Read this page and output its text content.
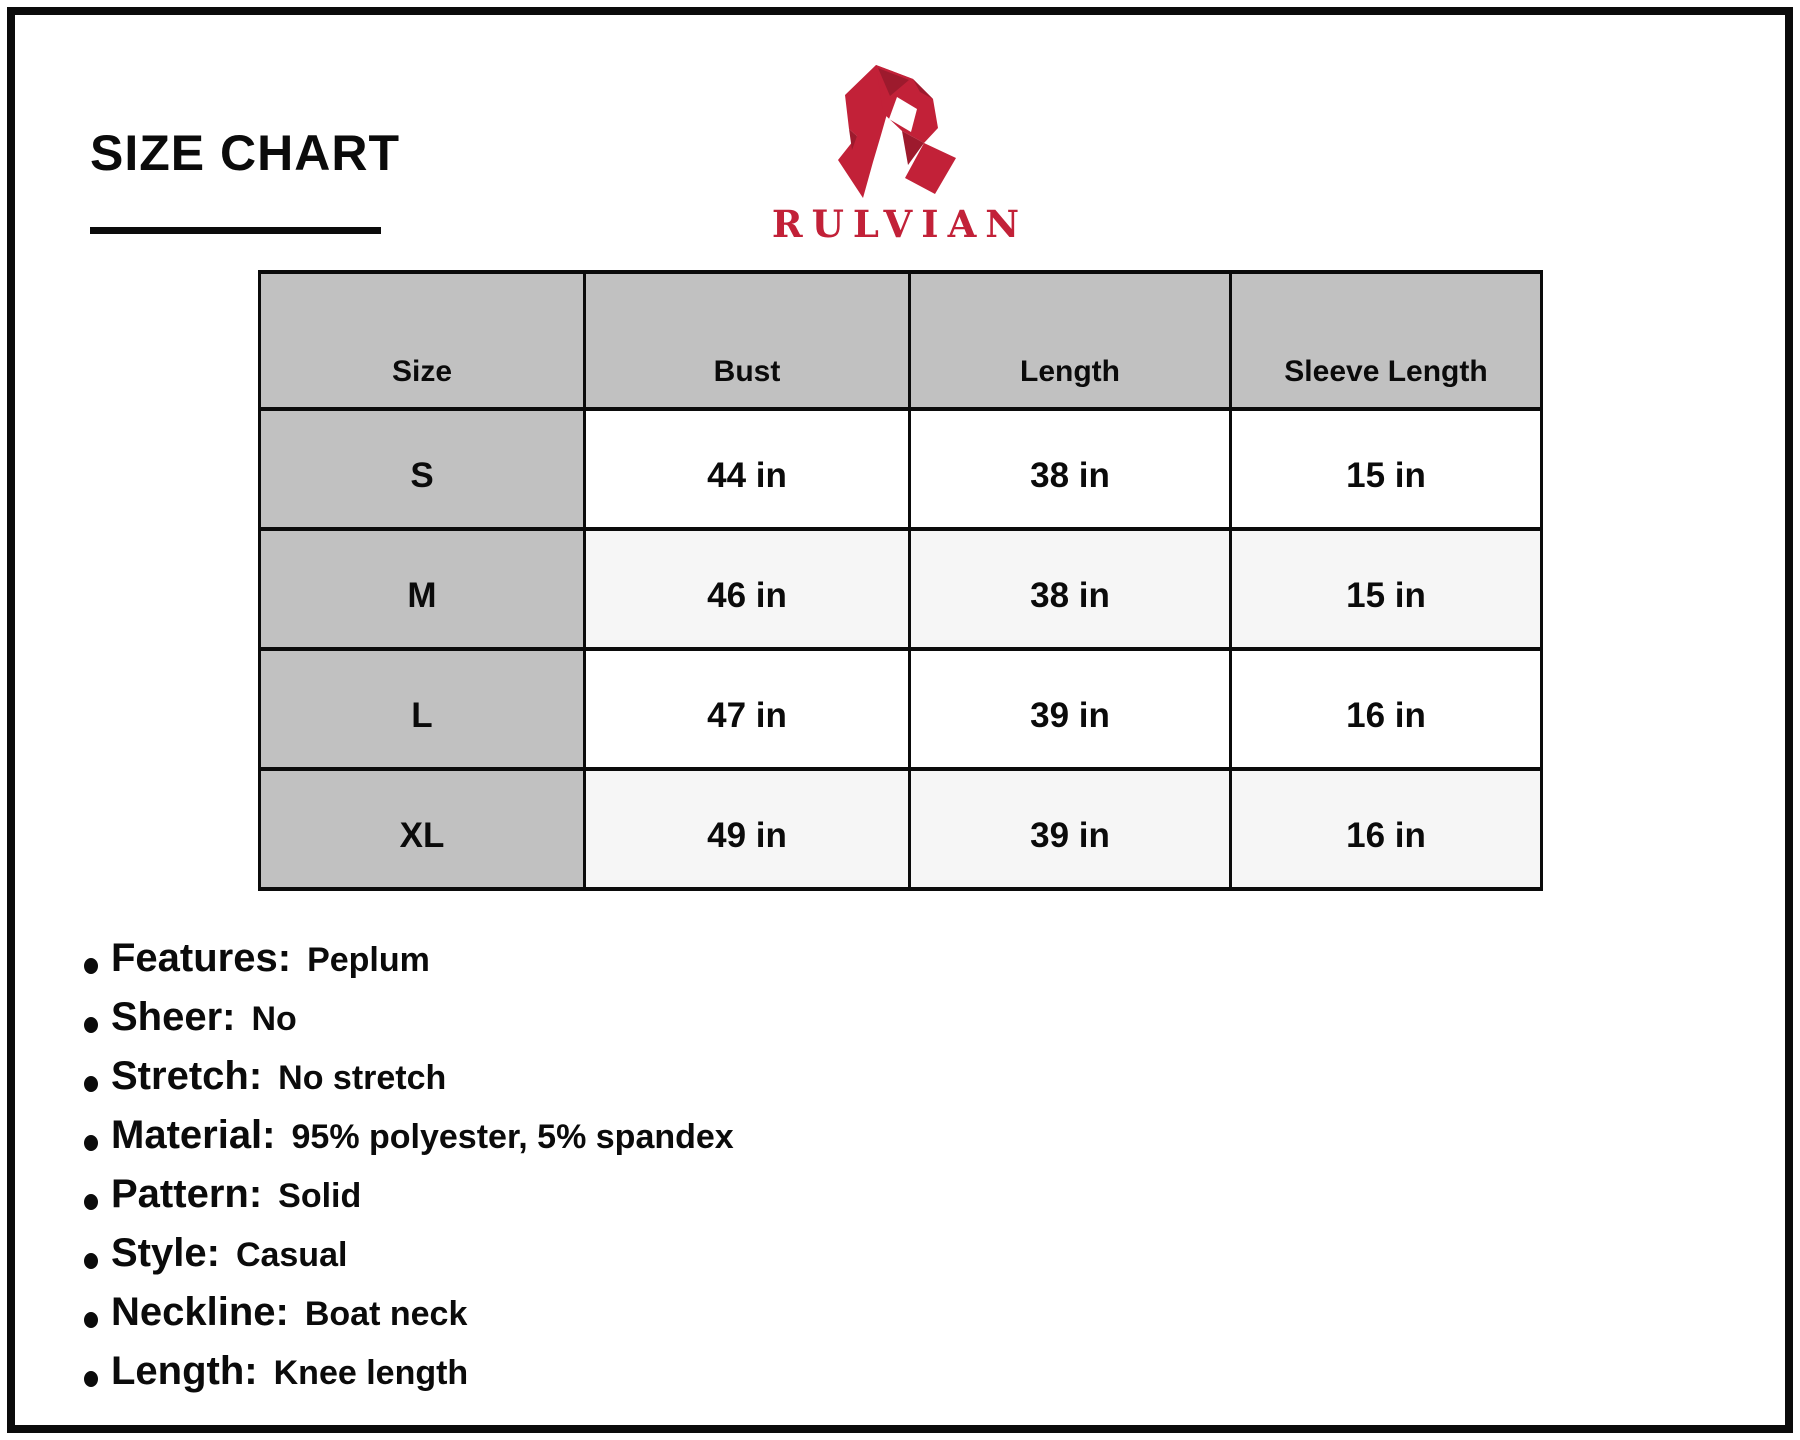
SIZE CHART
RULVIAN
Size	Bust	Length	Sleeve Length
S	44 in	38 in	15 in
M	46 in	38 in	15 in
L	47 in	39 in	16 in
XL	49 in	39 in	16 in
Features: Peplum
Sheer: No
Stretch: No stretch
Material: 95% polyester, 5% spandex
Pattern: Solid
Style: Casual
Neckline: Boat neck
Length: Knee length
